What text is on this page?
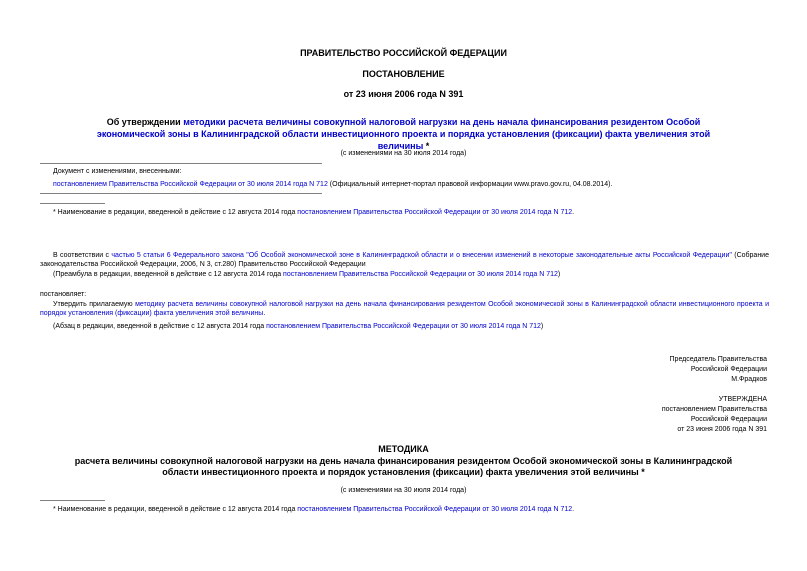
ПРАВИТЕЛЬСТВО РОССИЙСКОЙ ФЕДЕРАЦИИ
ПОСТАНОВЛЕНИЕ
от 23 июня 2006 года N 391
Об утверждении методики расчета величины совокупной налоговой нагрузки на день начала финансирования резидентом Особой экономической зоны в Калининградской области инвестиционного проекта и порядка установления (фиксации) факта увеличения этой величины *
(с изменениями на 30 июля 2014 года)
Документ с изменениями, внесенными:
постановлением Правительства Российской Федерации от 30 июля 2014 года N 712 (Официальный интернет-портал правовой информации www.pravo.gov.ru, 04.08.2014).
* Наименование в редакции, введенной в действие с 12 августа 2014 года постановлением Правительства Российской Федерации от 30 июля 2014 года N 712.
В соответствии с частью 5 статьи 6 Федерального закона "Об Особой экономической зоне в Калининградской области и о внесении изменений в некоторые законодательные акты Российской Федерации" (Собрание законодательства Российской Федерации, 2006, N 3, ст.280) Правительство Российской Федерации
(Преамбула в редакции, введенной в действие с 12 августа 2014 года постановлением Правительства Российской Федерации от 30 июля 2014 года N 712)
постановляет:
Утвердить прилагаемую методику расчета величины совокупной налоговой нагрузки на день начала финансирования резидентом Особой экономической зоны в Калининградской области инвестиционного проекта и порядок установления (фиксации) факта увеличения этой величины.
(Абзац в редакции, введенной в действие с 12 августа 2014 года постановлением Правительства Российской Федерации от 30 июля 2014 года N 712)
Председатель Правительства
Российской Федерации
М.Фрадков
УТВЕРЖДЕНА
постановлением Правительства
Российской Федерации
от 23 июня 2006 года N 391
МЕТОДИКА
расчета величины совокупной налоговой нагрузки на день начала финансирования резидентом Особой экономической зоны в Калининградской области инвестиционного проекта и порядок установления (фиксации) факта увеличения этой величины *
(с изменениями на 30 июля 2014 года)
* Наименование в редакции, введенной в действие с 12 августа 2014 года постановлением Правительства Российской Федерации от 30 июля 2014 года N 712.
